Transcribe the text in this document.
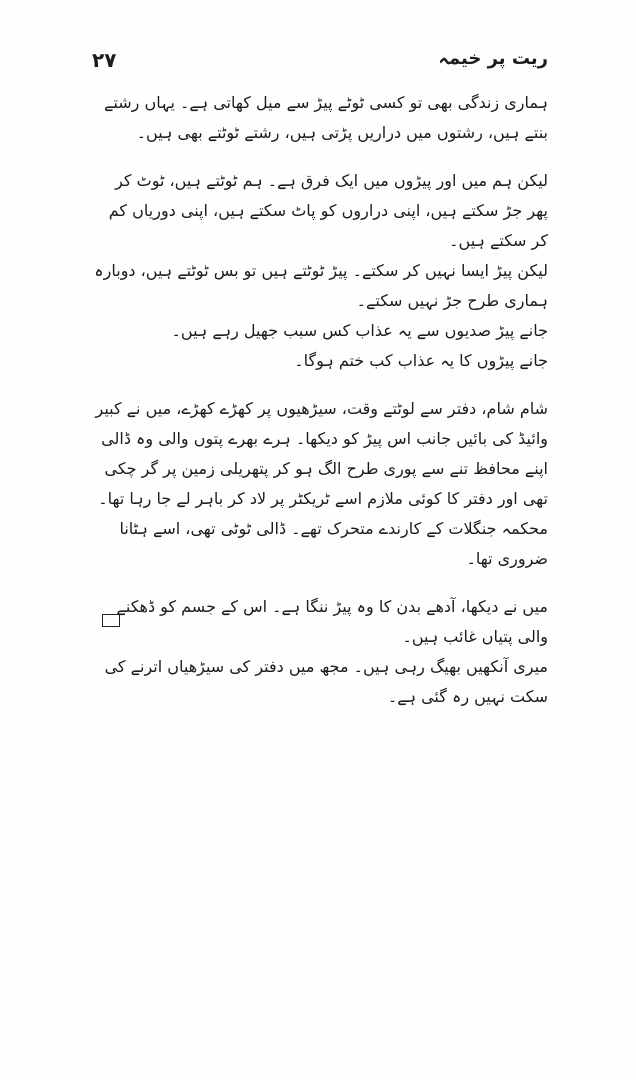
۲۷	ریت پر خیمہ

ہماری زندگی بھی تو کسی ٹوٹے پیڑ سے میل کھاتی ہے۔ یہاں رشتے بنتے ہیں، رشتوں میں دراریں پڑتی ہیں، رشتے ٹوٹتے بھی ہیں۔

لیکن ہم میں اور پیڑوں میں ایک فرق ہے۔ ہم ٹوٹتے ہیں، ٹوٹ کر پھر جڑ سکتے ہیں، اپنی دراروں کو پاٹ سکتے ہیں، اپنی دوریاں کم کر سکتے ہیں۔

لیکن پیڑ ایسا نہیں کر سکتے۔ پیڑ ٹوٹتے ہیں تو بس ٹوٹتے ہیں، دوبارہ ہماری طرح جڑ نہیں سکتے۔

جانے پیڑ صدیوں سے یہ عذاب کس سبب جھیل رہے ہیں۔

جانے پیڑوں کا یہ عذاب کب ختم ہوگا۔

شام شام، دفتر سے لوٹتے وقت، سیڑھیوں پر کھڑے کھڑے، میں نے کبیر وائیڈ کی بائیں جانب اس پیڑ کو دیکھا۔ ہرے بھرے پتوں والی وہ ڈالی اپنے محافظ تنے سے پوری طرح الگ ہو کر پتھریلی زمین پر گر چکی تھی اور دفتر کا کوئی ملازم اسے ٹریکٹر پر لاد کر باہر لے جا رہا تھا۔

محکمہ جنگلات کے کارندے متحرک تھے۔ ڈالی ٹوٹی تھی، اسے ہٹانا ضروری تھا۔

میں نے دیکھا، آدھے بدن کا وہ پیڑ ننگا ہے۔ اس کے جسم کو ڈھکنے والی پتیاں غائب ہیں۔

میری آنکھیں بھیگ رہی ہیں۔ مجھ میں دفتر کی سیڑھیاں اترنے کی سکت نہیں رہ گئی ہے۔
